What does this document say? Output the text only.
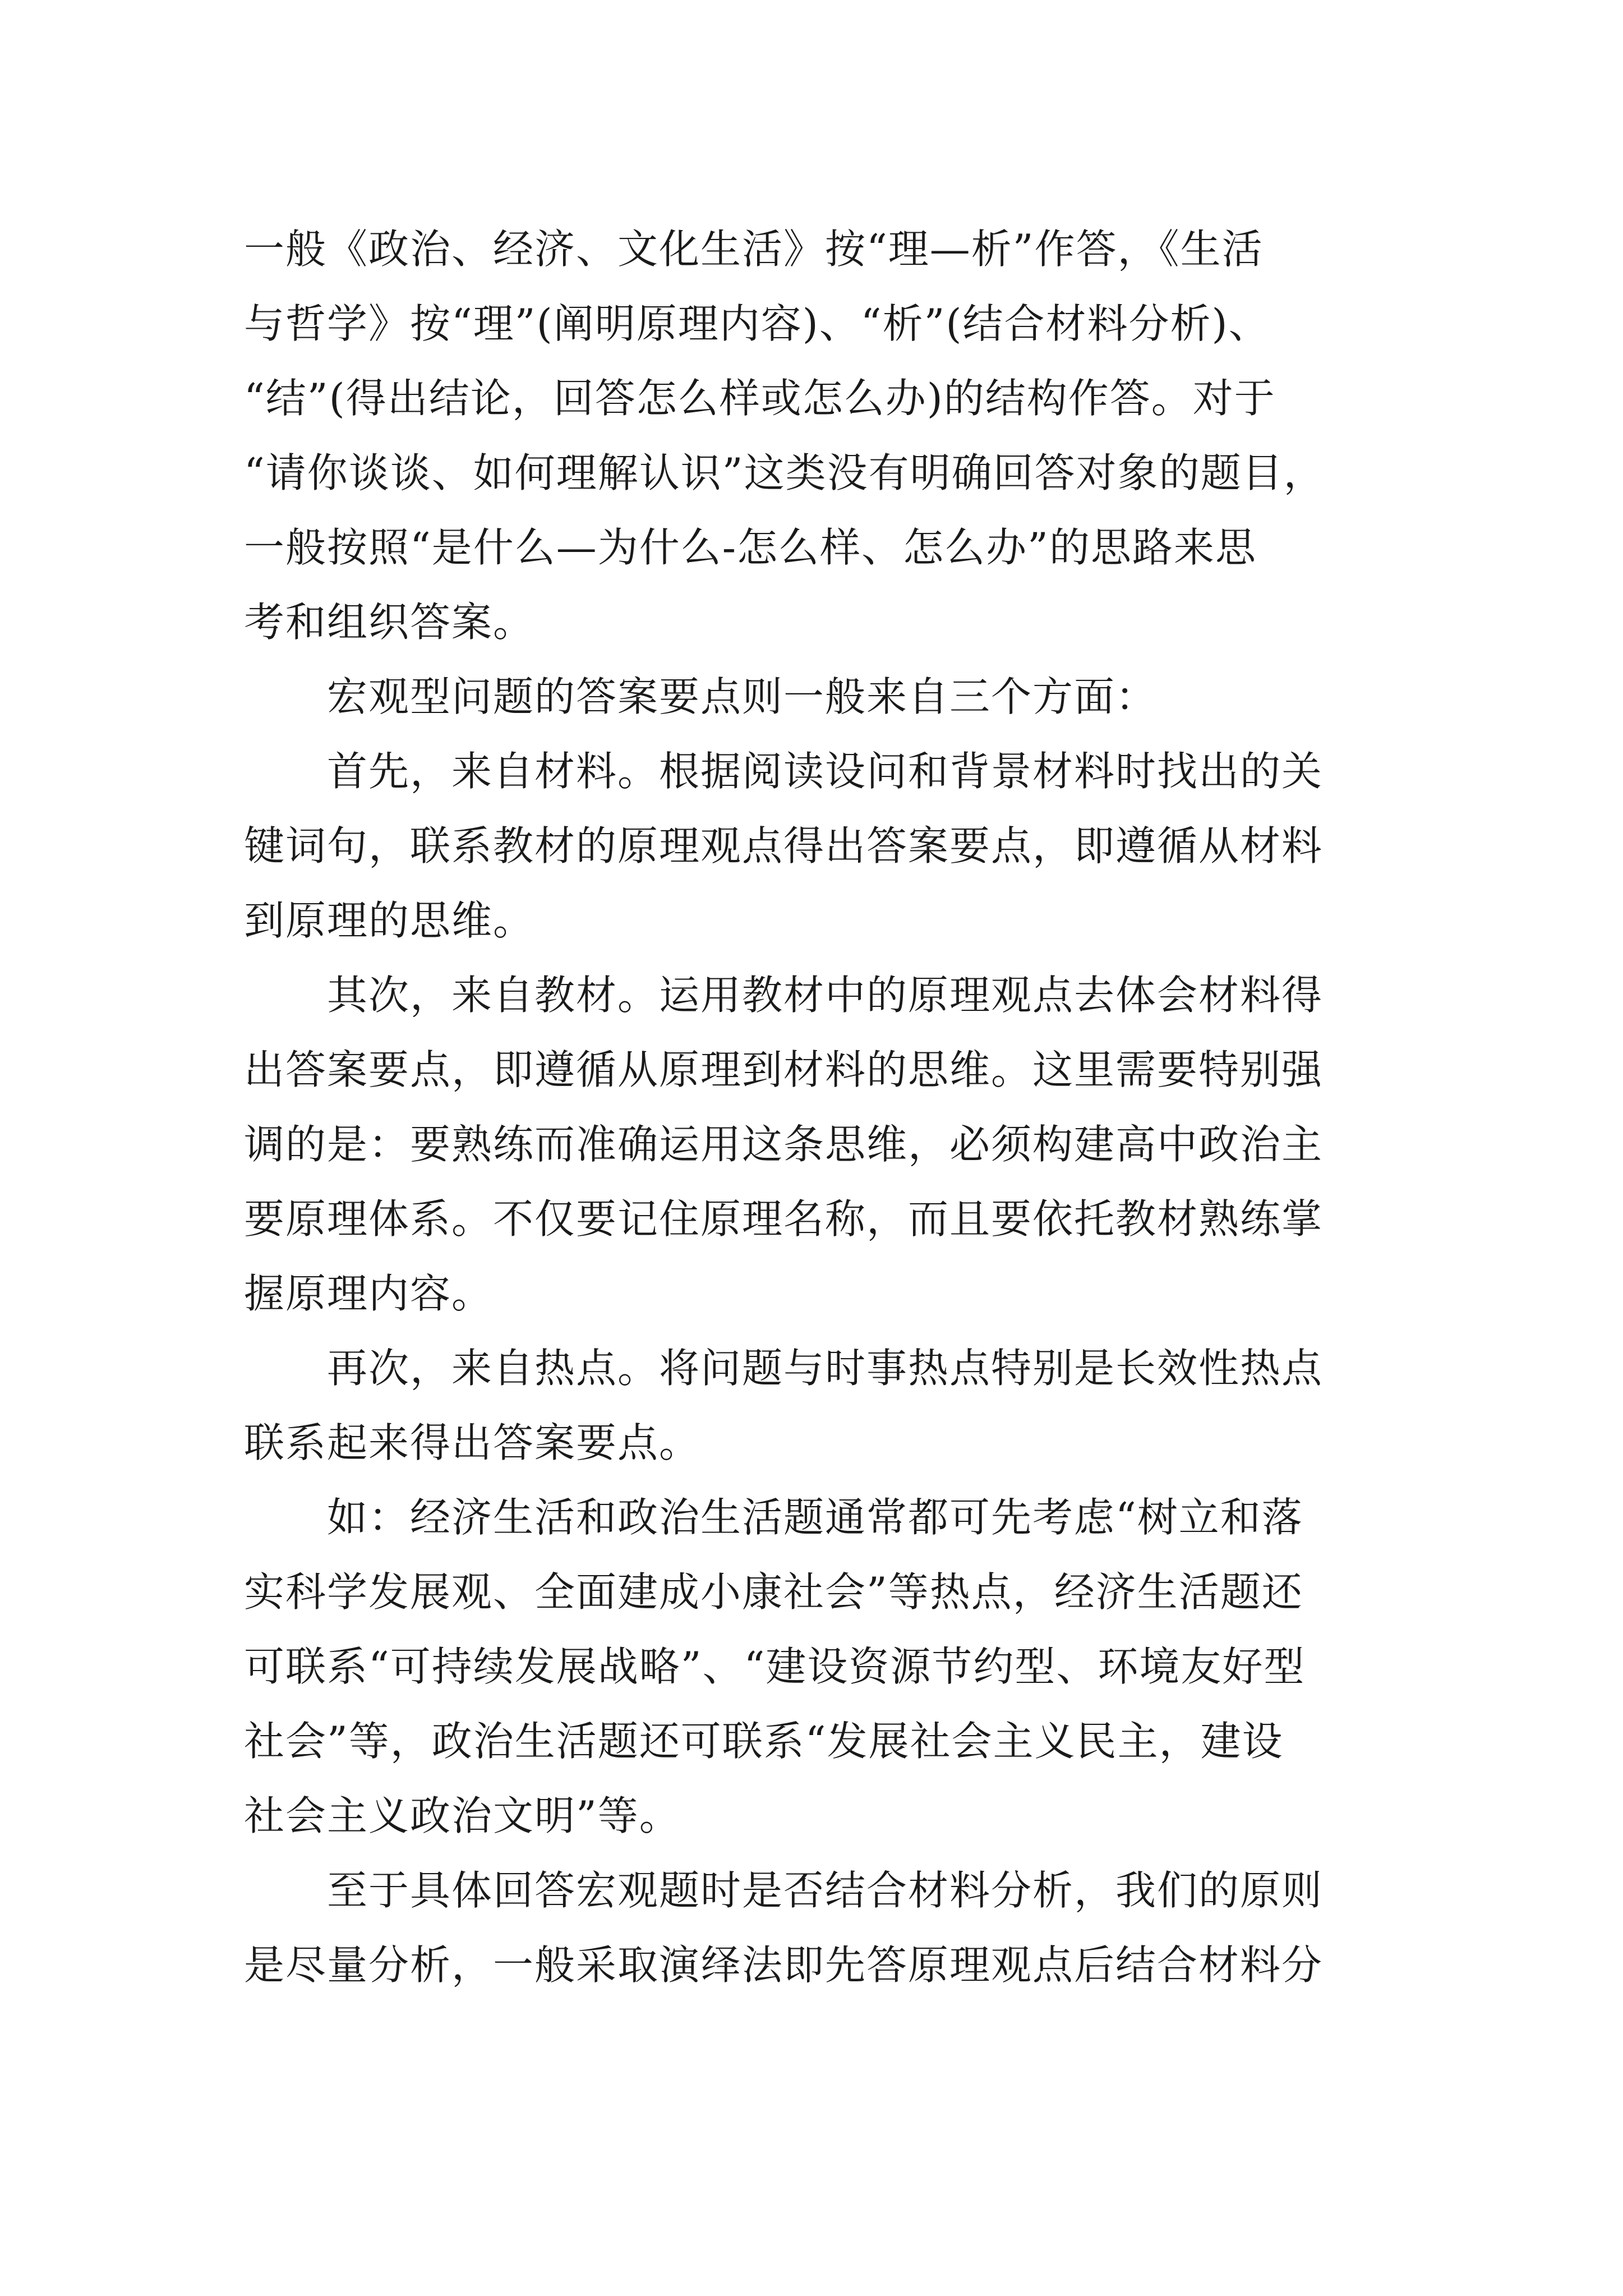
一般《政治、经济、文化生活》按“理—析”作答，《生活
与哲学》按“理”(阐明原理内容)、“析”(结合材料分析)、
“结”(得出结论，回答怎么样或怎么办)的结构作答。对于
“请你谈谈、如何理解认识”这类没有明确回答对象的题目，
一般按照“是什么—为什么-怎么样、怎么办”的思路来思
考和组织答案。
　　宏观型问题的答案要点则一般来自三个方面：
　　首先，来自材料。根据阅读设问和背景材料时找出的关
键词句，联系教材的原理观点得出答案要点，即遵循从材料
到原理的思维。
　　其次，来自教材。运用教材中的原理观点去体会材料得
出答案要点，即遵循从原理到材料的思维。这里需要特别强
调的是：要熟练而准确运用这条思维，必须构建高中政治主
要原理体系。不仅要记住原理名称，而且要依托教材熟练掌
握原理内容。
　　再次，来自热点。将问题与时事热点特别是长效性热点
联系起来得出答案要点。
　　如：经济生活和政治生活题通常都可先考虑“树立和落
实科学发展观、全面建成小康社会”等热点，经济生活题还
可联系“可持续发展战略”、“建设资源节约型、环境友好型
社会”等，政治生活题还可联系“发展社会主义民主，建设
社会主义政治文明”等。
　　至于具体回答宏观题时是否结合材料分析，我们的原则
是尽量分析，一般采取演绎法即先答原理观点后结合材料分
